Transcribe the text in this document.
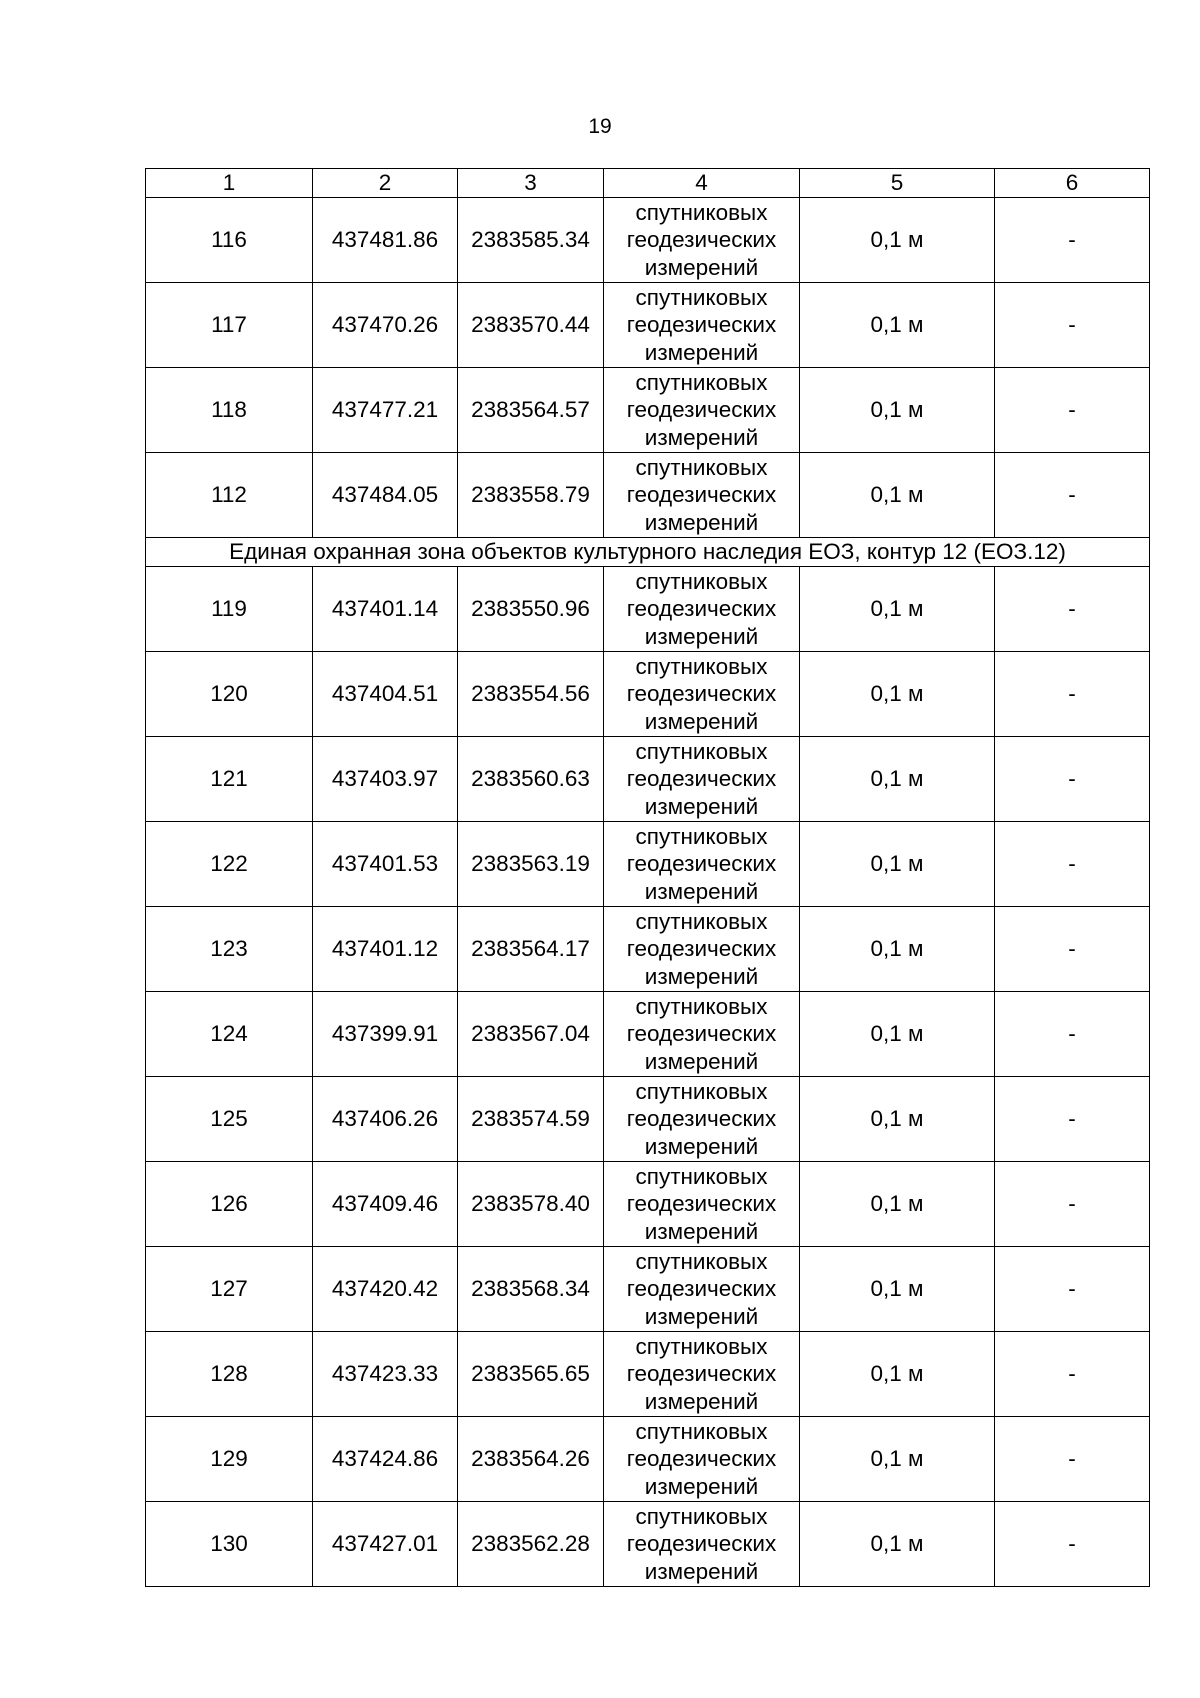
19
1	2	3	4	5	6
116	437481.86	2383585.34	спутниковых
геодезических
измерений	0,1 м	-
117	437470.26	2383570.44	спутниковых
геодезических
измерений	0,1 м	-
118	437477.21	2383564.57	спутниковых
геодезических
измерений	0,1 м	-
112	437484.05	2383558.79	спутниковых
геодезических
измерений	0,1 м	-
Единая охранная зона объектов культурного наследия ЕОЗ, контур 12 (ЕОЗ.12)					
119	437401.14	2383550.96	спутниковых
геодезических
измерений	0,1 м	-
120	437404.51	2383554.56	спутниковых
геодезических
измерений	0,1 м	-
121	437403.97	2383560.63	спутниковых
геодезических
измерений	0,1 м	-
122	437401.53	2383563.19	спутниковых
геодезических
измерений	0,1 м	-
123	437401.12	2383564.17	спутниковых
геодезических
измерений	0,1 м	-
124	437399.91	2383567.04	спутниковых
геодезических
измерений	0,1 м	-
125	437406.26	2383574.59	спутниковых
геодезических
измерений	0,1 м	-
126	437409.46	2383578.40	спутниковых
геодезических
измерений	0,1 м	-
127	437420.42	2383568.34	спутниковых
геодезических
измерений	0,1 м	-
128	437423.33	2383565.65	спутниковых
геодезических
измерений	0,1 м	-
129	437424.86	2383564.26	спутниковых
геодезических
измерений	0,1 м	-
130	437427.01	2383562.28	спутниковых
геодезических
измерений	0,1 м	-
